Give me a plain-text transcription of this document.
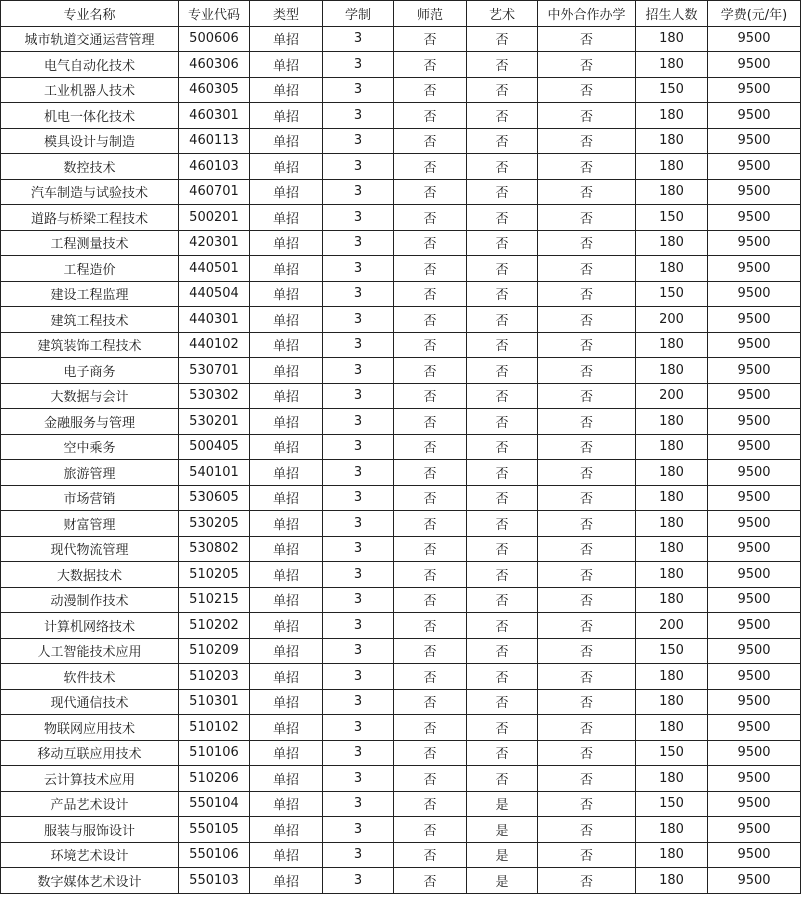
专业名称	专业代码	类型	学制	师范	艺术	中外合作办学	招生人数	学费(元/年)
城市轨道交通运营管理	500606	单招	3	否	否	否	180	9500
电气自动化技术	460306	单招	3	否	否	否	180	9500
工业机器人技术	460305	单招	3	否	否	否	150	9500
机电一体化技术	460301	单招	3	否	否	否	180	9500
模具设计与制造	460113	单招	3	否	否	否	180	9500
数控技术	460103	单招	3	否	否	否	180	9500
汽车制造与试验技术	460701	单招	3	否	否	否	180	9500
道路与桥梁工程技术	500201	单招	3	否	否	否	150	9500
工程测量技术	420301	单招	3	否	否	否	180	9500
工程造价	440501	单招	3	否	否	否	180	9500
建设工程监理	440504	单招	3	否	否	否	150	9500
建筑工程技术	440301	单招	3	否	否	否	200	9500
建筑装饰工程技术	440102	单招	3	否	否	否	180	9500
电子商务	530701	单招	3	否	否	否	180	9500
大数据与会计	530302	单招	3	否	否	否	200	9500
金融服务与管理	530201	单招	3	否	否	否	180	9500
空中乘务	500405	单招	3	否	否	否	180	9500
旅游管理	540101	单招	3	否	否	否	180	9500
市场营销	530605	单招	3	否	否	否	180	9500
财富管理	530205	单招	3	否	否	否	180	9500
现代物流管理	530802	单招	3	否	否	否	180	9500
大数据技术	510205	单招	3	否	否	否	180	9500
动漫制作技术	510215	单招	3	否	否	否	180	9500
计算机网络技术	510202	单招	3	否	否	否	200	9500
人工智能技术应用	510209	单招	3	否	否	否	150	9500
软件技术	510203	单招	3	否	否	否	180	9500
现代通信技术	510301	单招	3	否	否	否	180	9500
物联网应用技术	510102	单招	3	否	否	否	180	9500
移动互联应用技术	510106	单招	3	否	否	否	150	9500
云计算技术应用	510206	单招	3	否	否	否	180	9500
产品艺术设计	550104	单招	3	否	是	否	150	9500
服装与服饰设计	550105	单招	3	否	是	否	180	9500
环境艺术设计	550106	单招	3	否	是	否	180	9500
数字媒体艺术设计	550103	单招	3	否	是	否	180	9500
